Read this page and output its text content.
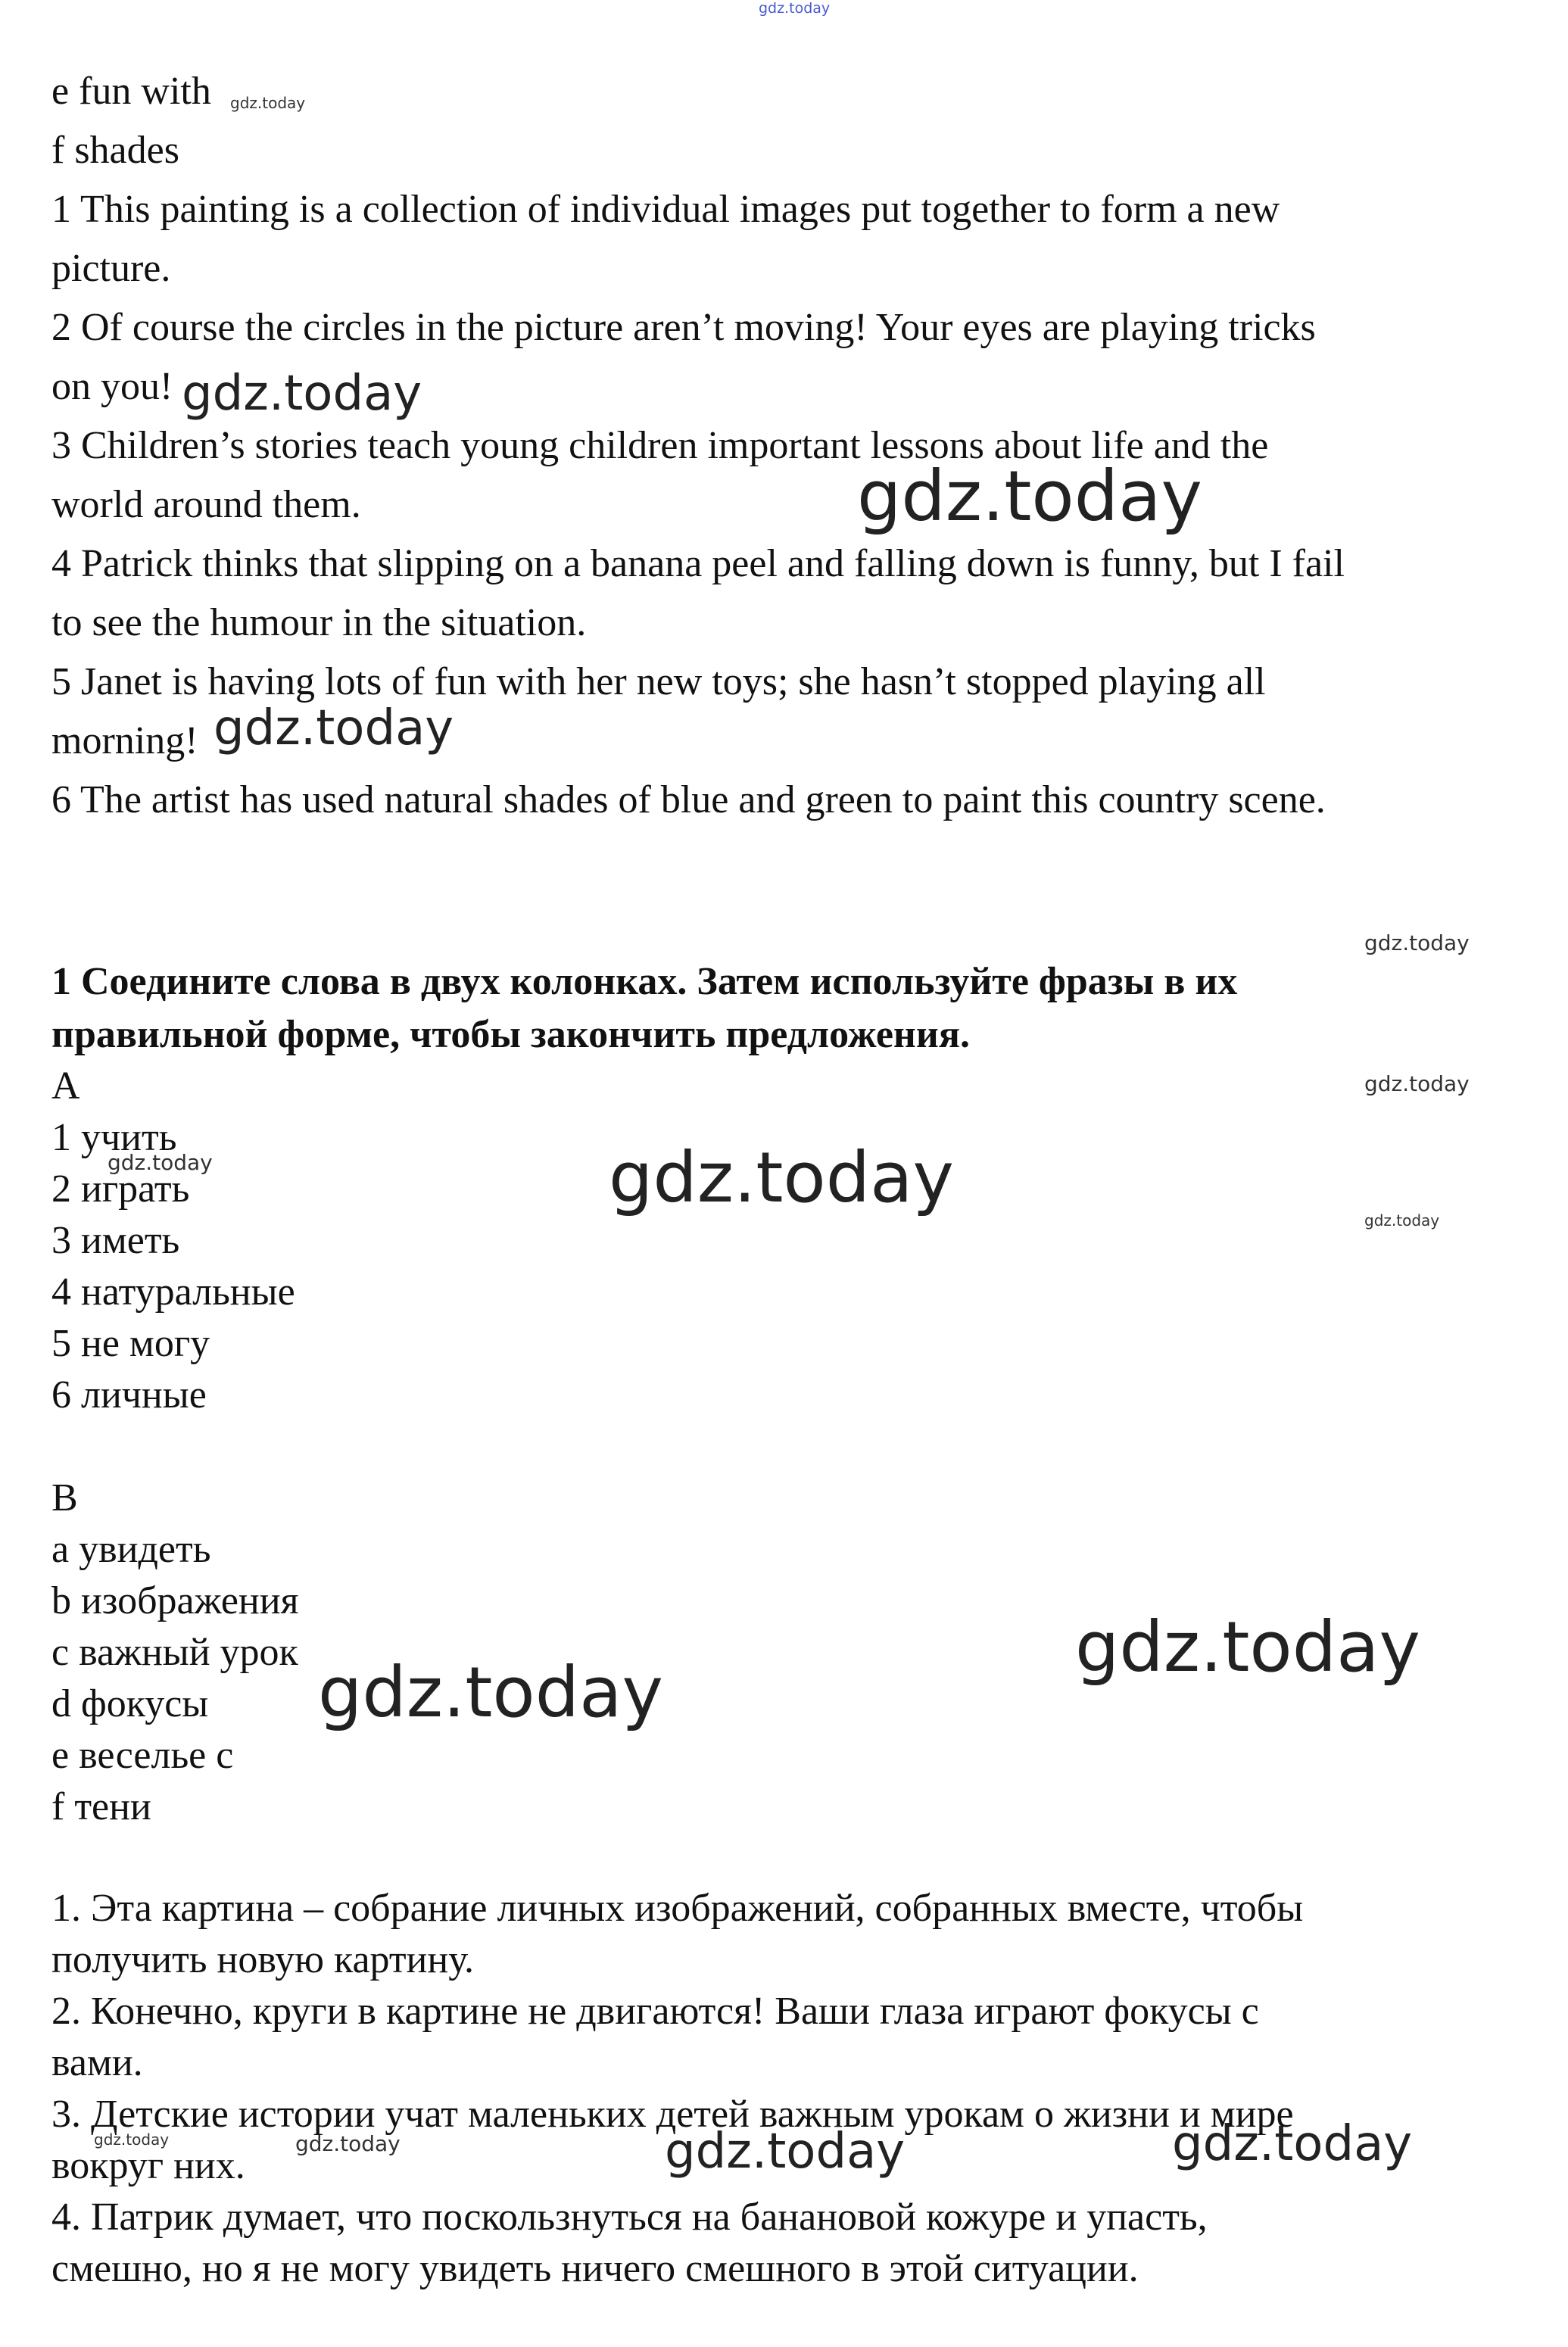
gdz.today
gdz.today
gdz.today
gdz.today
gdz.today
gdz.today
gdz.today
gdz.today	gdz.today
gdz.today
gdz.today
gdz.today
gdz.today	gdz.today	gdz.today	gdz.today
e fun with
f shades
1 This painting is a collection of individual images put together to form a new
picture.
2 Of course the circles in the picture aren’t moving! Your eyes are playing tricks
on you!
3 Children’s stories teach young children important lessons about life and the
world around them.
4 Patrick thinks that slipping on a banana peel and falling down is funny, but I fail
to see the humour in the situation.
5 Janet is having lots of fun with her new toys; she hasn’t stopped playing all
morning!
6 The artist has used natural shades of blue and green to paint this country scene.
1 Соедините слова в двух колонках. Затем используйте фразы в их
правильной форме, чтобы закончить предложения.
A
1 учить
2 играть
3 иметь
4 натуральные
5 не могу
6 личные
B
a увидеть
b изображения
c важный урок
d фокусы
e веселье с
f тени
1. Эта картина – собрание личных изображений, собранных вместе, чтобы
получить новую картину.
2. Конечно, круги в картине не двигаются! Ваши глаза играют фокусы с
вами.
3. Детские истории учат маленьких детей важным урокам о жизни и мире
вокруг них.
4. Патрик думает, что поскользнуться на банановой кожуре и упасть,
смешно, но я не могу увидеть ничего смешного в этой ситуации.
